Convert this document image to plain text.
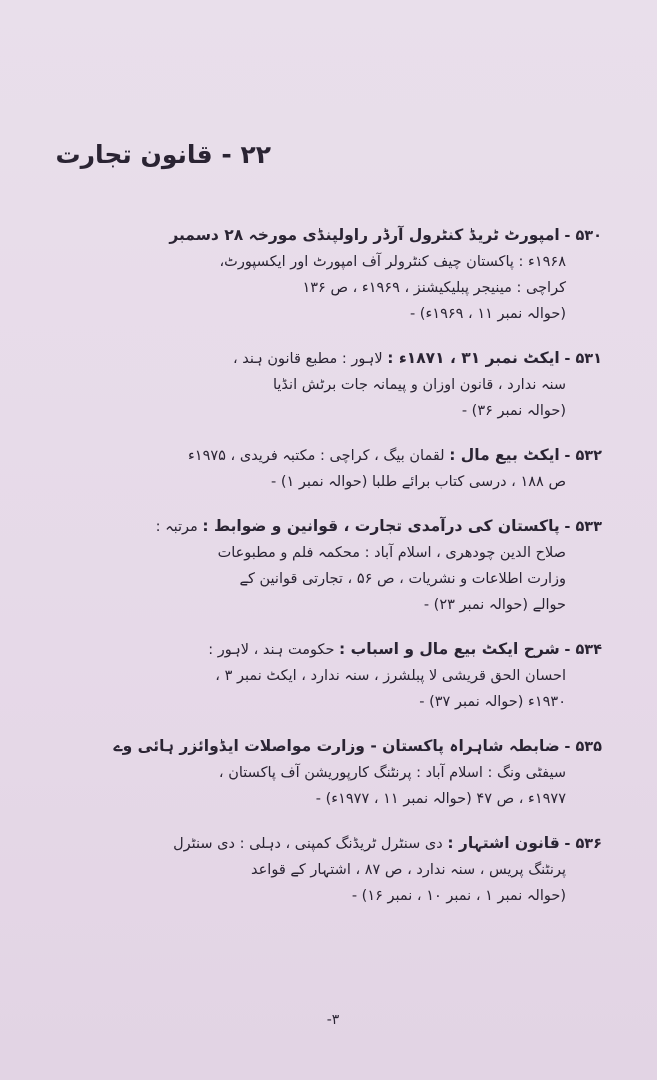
۲۲ - قانون تجارت
۵۳۰ - امپورٹ ٹریڈ کنٹرول آرڈر راولپنڈی مورخہ ۲۸ دسمبر
۱۹۶۸ء : پاکستان چیف کنٹرولر آف امپورٹ اور ایکسپورٹ،
کراچی : مینیجر پبلیکیشنز ، ۱۹۶۹ء ، ص ۱۳۶
(حوالہ نمبر ۱۱ ، ۱۹۶۹ء) -
۵۳۱ - ایکٹ نمبر ۳۱ ، ۱۸۷۱ء : لاہور : مطبع قانون ہند ،
سنہ ندارد ، قانون اوزان و پیمانہ جات برٹش انڈیا
(حوالہ نمبر ۳۶) -
۵۳۲ - ایکٹ بیع مال : لقمان بیگ ، کراچی : مکتبہ فریدی ، ۱۹۷۵ء
ص ۱۸۸ ، درسی کتاب برائے طلبا (حوالہ نمبر ۱) -
۵۳۳ - پاکستان کی درآمدی تجارت ، قوانین و ضوابط : مرتبہ :
صلاح الدین چودھری ، اسلام آباد : محکمہ فلم و مطبوعات
وزارت اطلاعات و نشریات ، ص ۵۶ ، تجارتی قوانین کے
حوالے (حوالہ نمبر ۲۳) -
۵۳۴ - شرح ایکٹ بیع مال و اسباب : حکومت ہند ، لاہور :
احسان الحق قریشی لا پبلشرز ، سنہ ندارد ، ایکٹ نمبر ۳ ،
۱۹۳۰ء (حوالہ نمبر ۳۷) -
۵۳۵ - ضابطہ شاہراہ پاکستان - وزارت مواصلات ایڈوائزر ہائی وے
سیفٹی ونگ : اسلام آباد : پرنٹنگ کارپوریشن آف پاکستان ،
۱۹۷۷ء ، ص ۴۷ (حوالہ نمبر ۱۱ ، ۱۹۷۷ء) -
۵۳۶ - قانون اشتہار : دی سنٹرل ٹریڈنگ کمپنی ، دہلی : دی سنٹرل
پرنٹنگ پریس ، سنہ ندارد ، ص ۸۷ ، اشتہار کے قواعد
(حوالہ نمبر ۱ ، نمبر ۱۰ ، نمبر ۱۶) -
-۳
